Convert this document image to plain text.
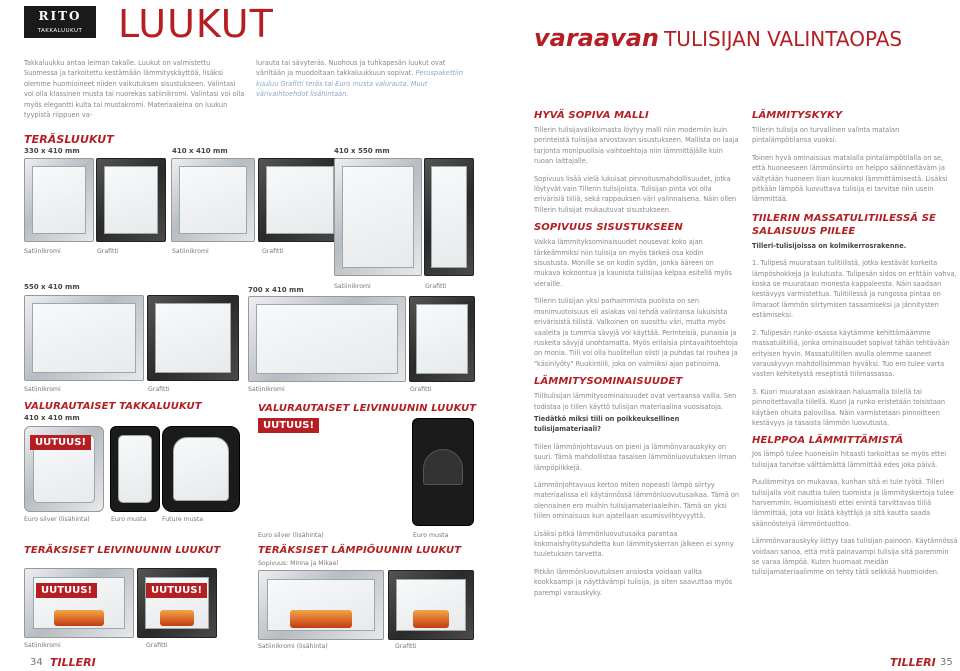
RITO
TAKKALUUKUT LUUKUT
Takkaluukku antaa leiman takalle. Luukut on valmistettu Suomessa ja tarkoitettu kestämään lämmityskäyttöä, lisäksi olemme huomioineet niiden vaikutuksen sisustukseen. Valintasi voi olla klassinen musta tai nuorekas satiinikromi. Valintasi voi olla myös elegantti kulta tai mustakromi. Materiaaleina on luukun tyypistä riippuen va-
lurauta tai sävyteräs. Nuohous ja tuhkapesän luukut ovat väriltään ja muodoltaan takkaluukkuun sopivat. Peruspakettiin kuuluu Grafitti teräs tai Euro musta valurauta. Muut värivaihtoehdot lisähintaan.
TERÄSLUUKUT
330 x 410 mm	410 x 410 mm	410 x 550 mm
Satiinikromi	Grafitti	Satiinikromi	Grafitti
Satiinikromi	Grafitti
550 x 410 mm	700 x 410 mm
Satiinikromi	Grafitti	Satiinikromi	Grafitti
VALURAUTAISET TAKKALUUKUT
410 x 410 mm
UUTUUS!
Euro silver (lisähinta)	Euro musta	Future musta
VALURAUTAISET LEIVINUUNIN LUUKUT
UUTUUS!
Euro silver (lisähinta)	Euro musta
TERÄKSISET LEIVINUUNIN LUUKUT
UUTUUS!	UUTUUS!
Satiinikromi	Grafitti
TERÄKSISET LÄMPIÖUUNIN LUUKUT
Sopivuus: Minna ja Mikael
Satiinikromi (lisähinta)	Grafitti
34 TILLERI
varaavan TULISIJAN VALINTAOPAS
HYVÄ SOPIVA MALLI

Tillerin tulisijavalikoimasta löytyy malli niin moderniin kuin perinteistä tulisijaa arvostavan sisustukseen. Mallista on laaja tarjonta monipuolisia vaihtoehtoja niin lämmittäjälle kuin ruoan laittajalle.

Sopivuus lisää vielä lukuisat pinnoitusmahdollisuudet, jotka löytyvät vain Tillerin tulisijoista. Tulisijan pinta voi olla erivärisiä tiiliä, sekä rappauksen väri valinnaisena. Näin ollen Tillerin tulisijat mukautuvat sisustukseen.

SOPIVUUS SISUSTUKSEEN

Vaikka lämmityksominaisuudet nousevat koko ajan tärkeämmiksi niin tulisija on myös tärkeä osa kodin sisustusta. Monille se on kodin sydän, jonka ääreen on mukava kokoontua ja kaunista tulisijaa kelpaa esitellä myös vieraille.

Tillerin tulisijan yksi parhaimmista puolista on sen monimuotoisuus eli asiakas voi tehdä valintansa lukuisista erivärisistä tiilistä. Valkoinen on suosittu väri, mutta myös vaaleita ja tummia sävyjä voi käyttää. Perinteisiä, punaisia ja ruskeita sävyjä unohtamatta. Myös erilaisia pintavaihtoehtoja on monia. Tiili voi olla huolitellun siisti ja puhdas tai rouhea ja "käsinlyöty" Ruukintiili, joka on valmiiksi ajan patinoima.

LÄMMITYSOMINAISUUDET

Tiilitulisijan lämmitysominaisuudet ovat vertaansa vailla. Sen todistaa jo tiilen käyttö tulisijan materiaalina vuosisatoja.

Tiedätkö miksi tiili on poikkeuksellinen tulisijamateriaali?

Tiilen lämmönjohtavuus on pieni ja lämmönvarauskyky on suuri. Tämä mahdollistaa tasaisen lämmönluovutuksen ilman lämpöpiikkejä.

Lämmönjohtavuus kertoo miten nopeasti lämpö siirtyy materiaalissa eli käytännössä lämmönluovutusaikaa. Tämä on olennainen ero muihin tulisijamateriaaleihin. Tämä on yksi tiilen ominaisuus kun ajatellaan asumisviihtyvyyttä.

Lisäksi pitkä lämmönluovutusaika parantaa kokonaishyötysuhdetta kun lämmityskerran jälkeen ei synny tuuletuksen tarvetta.

Pitkän lämmönluovutuksen ansiosta voidaan valita kookkaampi ja näyttävämpi tulisija, ja siten saavuttaa myös parempi varauskyky.

LÄMMITYSKYKY

Tillerin tulisija on turvallinen valinta matalan pintalämpötilansa vuoksi.

Toinen hyvä ominaisuus matalalla pintalämpötilalla on se, että huoneeseen lämmönsiirto on helppo säänneltäväm ja vältytään huoneen liian kuumaksi lämmittämisestä. Lisäksi pitkään lämpöä luovuttava tulisija ei tarvitse niin usein lämmittää.

TIILERIN MASSATULITIILESSÄ SE SALAISUUS PIILEE

Tilleri-tulisijoissa on kolmikerrosrakenne.

1. Tulipesä muurataan tulitiilistä, jotka kestävät korkeita lämpöshokkeja ja kulutusta. Tulipesän sidos on erittäin vahva, koska se muurataan monesta kappaleesta. Näin saadaan kestävyys varmistettua. Tulitiilessä ja rungossa pintaa on ilmaraot lämmön siirtymisen tasaamiseksi ja jännitysten estämiseksi.

2. Tulipesän runko-osassa käytämme kehittämäämme massatulitiiliä, jonka ominaisuudet sopivat tähän tehtävään erityisen hyvin. Massatulitiilen avulla olemme saaneet varauskyvyn mahdollisimman hyväksi. Tuo ero tulee varta vasten kehitetystä reseptistä tiilimassassa.

3. Kuori muurataan asiakkaan haluamalla tiilellä tai pinnoitettavalla tiilellä. Kuori ja runko eristetään toisistaan käytäen ohuita palovillaa. Näin varmistetaan pinnoitteen kestävyys ja tasaista lämmön luovutusta.

HELPPOA LÄMMITTÄMISTÄ

Jos lämpö tulee huoneisiin hitaasti tarkoittaa se myös ettei tulisijaa tarvitse välttämättä lämmittää edes joka päivä.

Puulämmitys on mukavaa, kunhan sitä ei tule työtä. Tilleri tulisijalla voit nauttia tulen tuomista ja lämmityskertoja tulee harvemmin. Huomioisesti ettei enintä tarvittavaa tiiliä lämmittää, jota voi lisätä käyttäjä ja sitä kautta saada säännöstelyä lämmöntuottoa.

Lämmönvarauskyky liittyy taas tulisijan painoon. Käytännössä voidaan sanoa, että mitä painavampi tulisija sitä paremmin se varaa lämpöä. Kuten huomaat meidän tulisijamateriaalimme on tehty tätä selkkää huomioiden.

TILLERI 35
